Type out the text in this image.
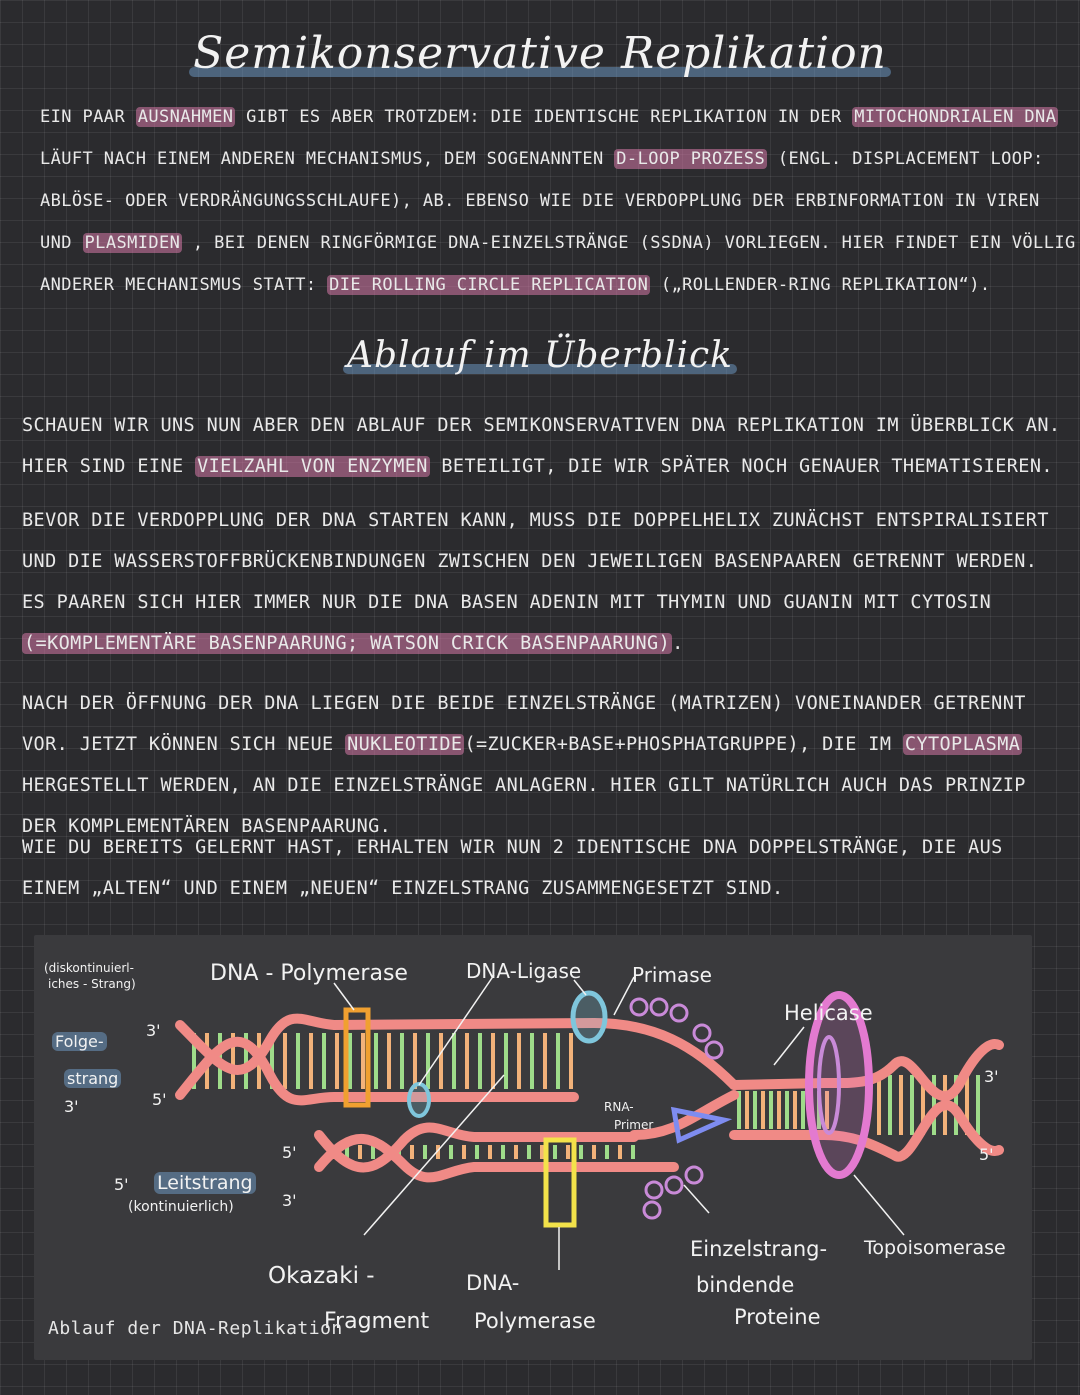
Semikonservative Replikation
EIN PAAR AUSNAHMEN GIBT ES ABER TROTZDEM: DIE IDENTISCHE REPLIKATION IN DER MITOCHONDRIALEN DNA LÄUFT NACH EINEM ANDEREN MECHANISMUS, DEM SOGENANNTEN D-LOOP PROZESS (ENGL. DISPLACEMENT LOOP: ABLÖSE- ODER VERDRÄNGUNGSSCHLAUFE), AB. EBENSO WIE DIE VERDOPPLUNG DER ERBINFORMATION IN VIREN UND PLASMIDEN , BEI DENEN RINGFÖRMIGE DNA-EINZELSTRÄNGE (SSDNA) VORLIEGEN. HIER FINDET EIN VÖLLIG ANDERER MECHANISMUS STATT: DIE ROLLING CIRCLE REPLICATION („ROLLENDER-RING REPLIKATION“).
Ablauf im Überblick
SCHAUEN WIR UNS NUN ABER DEN ABLAUF DER SEMIKONSERVATIVEN DNA REPLIKATION IM ÜBERBLICK AN. HIER SIND EINE VIELZAHL VON ENZYMEN BETEILIGT, DIE WIR SPÄTER NOCH GENAUER THEMATISIEREN.
BEVOR DIE VERDOPPLUNG DER DNA STARTEN KANN, MUSS DIE DOPPELHELIX ZUNÄCHST ENTSPIRALISIERT UND DIE WASSERSTOFFBRÜCKENBINDUNGEN ZWISCHEN DEN JEWEILIGEN BASENPAAREN GETRENNT WERDEN. ES PAAREN SICH HIER IMMER NUR DIE DNA BASEN ADENIN MIT THYMIN UND GUANIN MIT CYTOSIN (=KOMPLEMENTÄRE BASENPAARUNG; WATSON CRICK BASENPAARUNG) .
NACH DER ÖFFNUNG DER DNA LIEGEN DIE BEIDE EINZELSTRÄNGE (MATRIZEN) VONEINANDER GETRENNT VOR. JETZT KÖNNEN SICH NEUE NUKLEOTIDE (=ZUCKER+BASE+PHOSPHATGRUPPE), DIE IM CYTOPLASMA HERGESTELLT WERDEN, AN DIE EINZELSTRÄNGE ANLAGERN. HIER GILT NATÜRLICH AUCH DAS PRINZIP DER KOMPLEMENTÄREN BASENPAARUNG.
WIE DU BEREITS GELERNT HAST, ERHALTEN WIR NUN 2 IDENTISCHE DNA DOPPELSTRÄNGE, DIE AUS EINEM „ALTEN“ UND EINEM „NEUEN“ EINZELSTRANG ZUSAMMENGESETZT SIND.
(diskontinuierl-
iches - Strang)
Folge-
strang
3'
3'	5'
5'
3'
5' Leitstrang
(kontinuierlich)
DNA - Polymerase	DNA-Ligase	Primase
Helicase
3'
5'
RNA-
Primer
Okazaki -
Fragment
DNA-
Polymerase
Einzelstrang-
bindende
Proteine
Topoisomerase
Ablauf der DNA-Replikation
